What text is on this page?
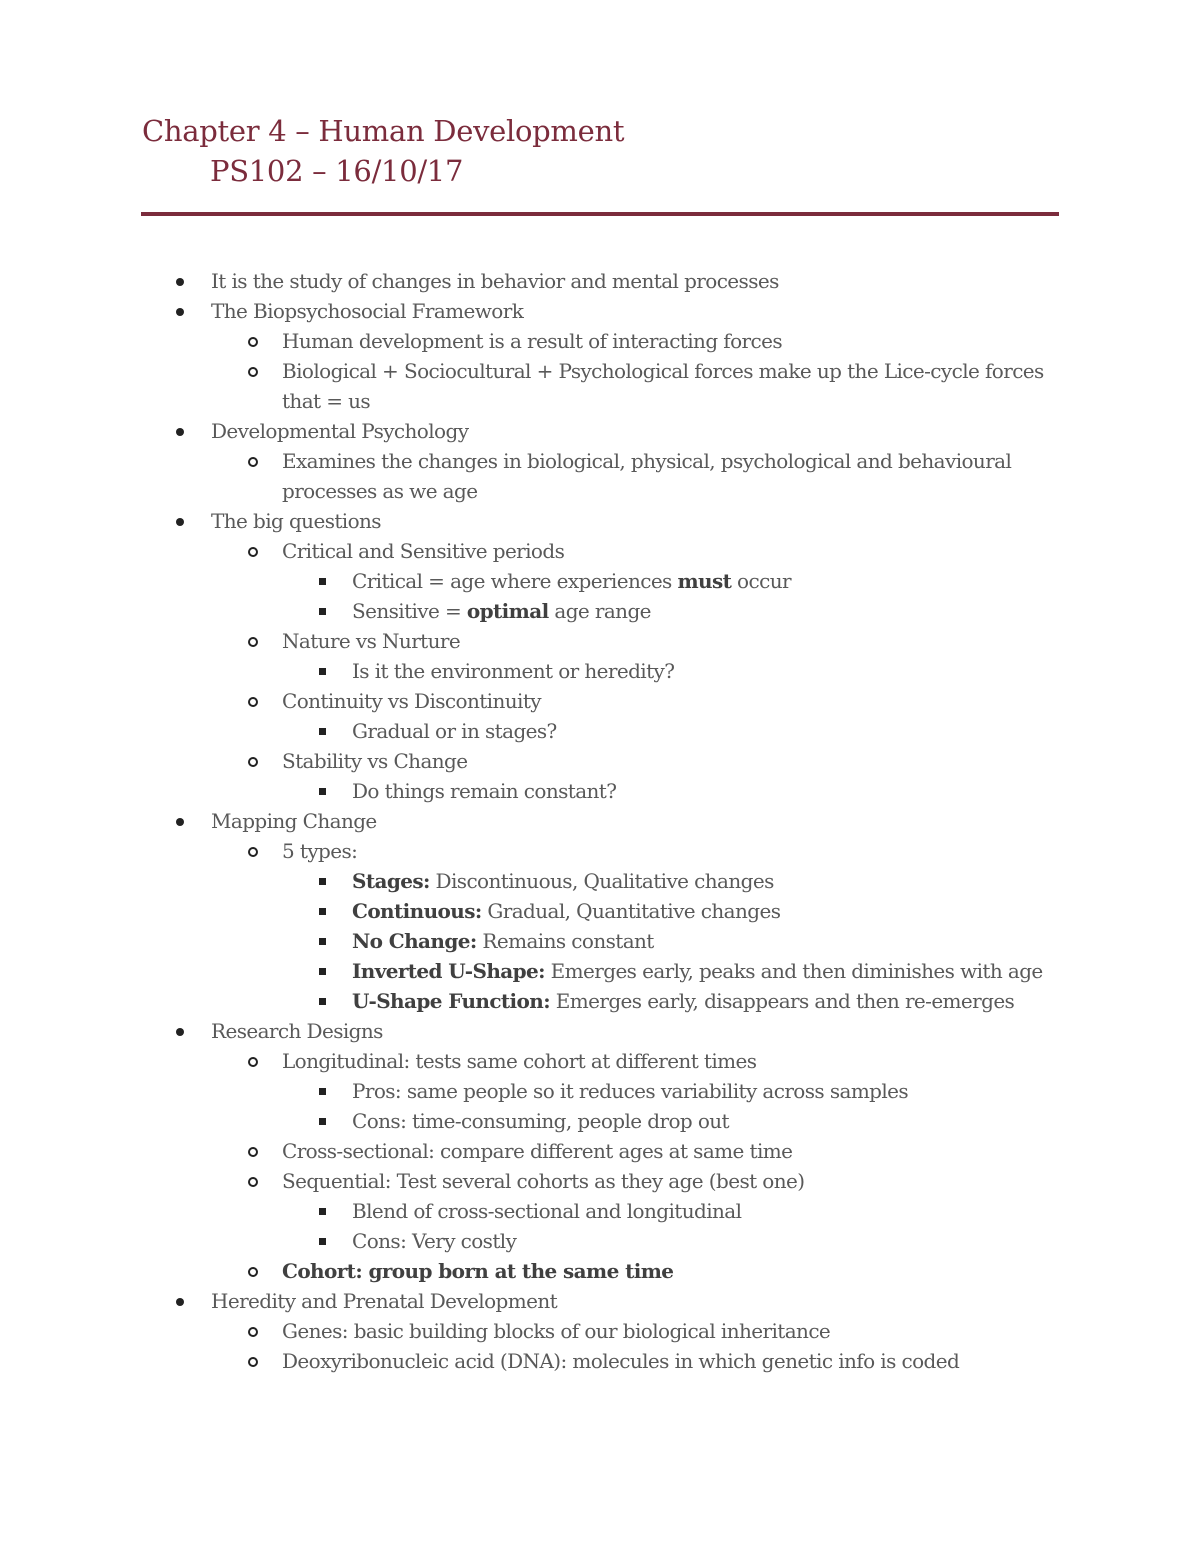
Chapter 4 – Human Development
PS102 – 16/10/17
It is the study of changes in behavior and mental processes
The Biopsychosocial Framework
Human development is a result of interacting forces
Biological + Sociocultural + Psychological forces make up the Lice-cycle forces
that = us
Developmental Psychology
Examines the changes in biological, physical, psychological and behavioural
processes as we age
The big questions
Critical and Sensitive periods
Critical = age where experiences must occur
Sensitive = optimal age range
Nature vs Nurture
Is it the environment or heredity?
Continuity vs Discontinuity
Gradual or in stages?
Stability vs Change
Do things remain constant?
Mapping Change
5 types:
Stages: Discontinuous, Qualitative changes
Continuous: Gradual, Quantitative changes
No Change: Remains constant
Inverted U-Shape: Emerges early, peaks and then diminishes with age
U-Shape Function: Emerges early, disappears and then re-emerges
Research Designs
Longitudinal: tests same cohort at different times
Pros: same people so it reduces variability across samples
Cons: time-consuming, people drop out
Cross-sectional: compare different ages at same time
Sequential: Test several cohorts as they age (best one)
Blend of cross-sectional and longitudinal
Cons: Very costly
Cohort: group born at the same time
Heredity and Prenatal Development
Genes: basic building blocks of our biological inheritance
Deoxyribonucleic acid (DNA): molecules in which genetic info is coded
